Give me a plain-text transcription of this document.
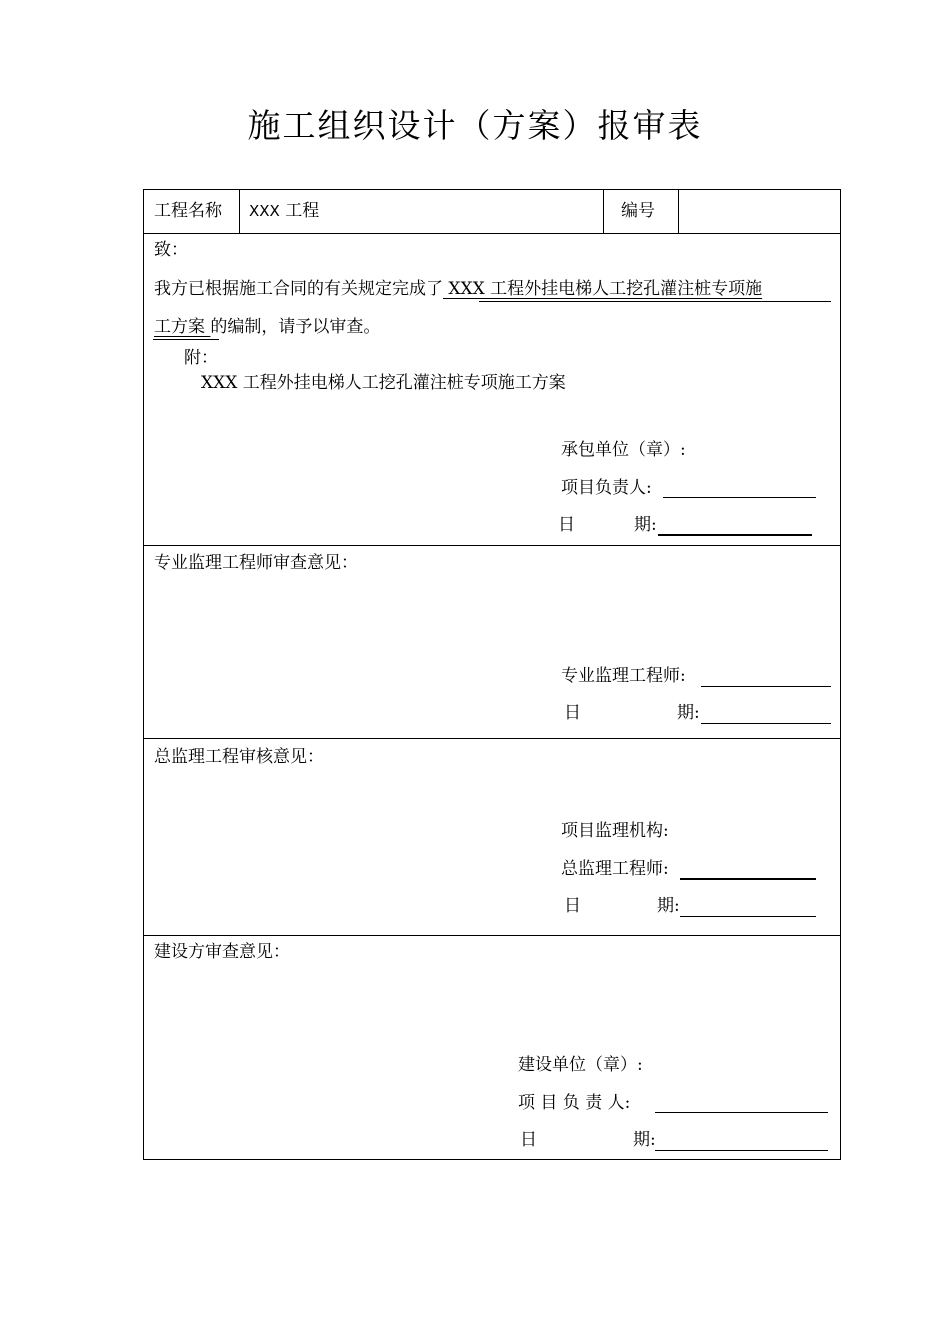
施工组织设计（方案）报审表
工程名称 XXX 工程	编号
致：
我方已根据施工合同的有关规定完成了 XXX 工程外挂电梯人工挖孔灌注桩专项施
工方案 的编制，请予以审查。
附：
XXX 工程外挂电梯人工挖孔灌注桩专项施工方案
承包单位（章）:
项目负责人:
日	期:
专业监理工程师审查意见：
专业监理工程师:
日	期:
总监理工程审核意见：
项目监理机构:
总监理工程师:
日	期:
建设方审查意见：
建设单位（章）:
项 目 负 责 人:
日	期:
